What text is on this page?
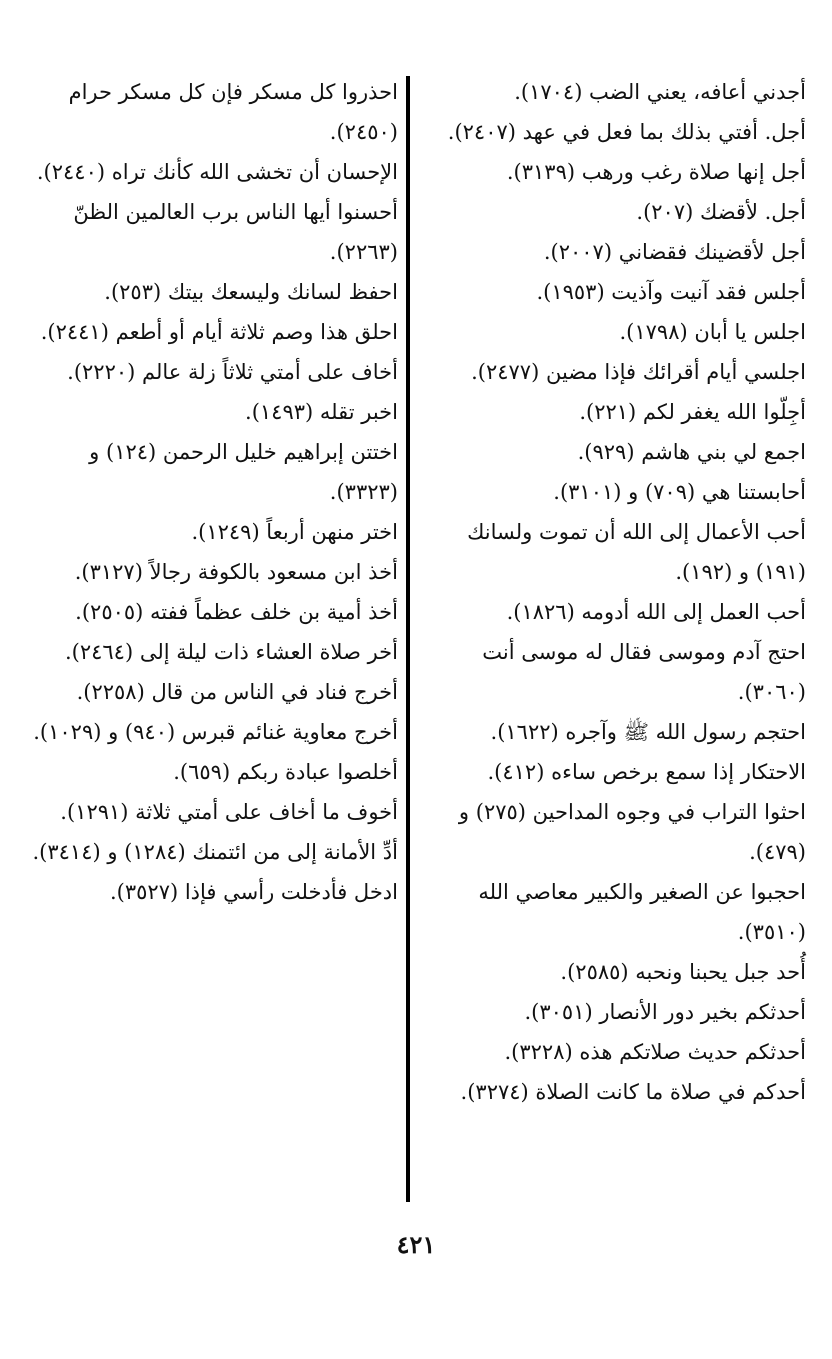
أجدني أعافه، يعني الضب (١٧٠٤).

أجل. أفتي بذلك بما فعل في عهد (٢٤٠٧).

أجل إنها صلاة رغب ورهب (٣١٣٩).

أجل. لأقضك (٢٠٧).

أجل لأقضينك فقضاني (٢٠٠٧).

أجلس فقد آنيت وآذيت (١٩٥٣).

اجلس يا أبان (١٧٩٨).

اجلسي أيام أقرائك فإذا مضين (٢٤٧٧).

أجِلّوا الله يغفر لكم (٢٢١).

اجمع لي بني هاشم (٩٢٩).

أحابستنا هي (٧٠٩) و (٣١٠١).

أحب الأعمال إلى الله أن تموت ولسانك (١٩١) و (١٩٢).

أحب العمل إلى الله أدومه (١٨٢٦).

احتج آدم وموسى فقال له موسى أنت (٣٠٦٠).

احتجم رسول الله ﷺ وآجره (١٦٢٢).

الاحتكار إذا سمع برخص ساءه (٤١٢).

احثوا التراب في وجوه المداحين (٢٧٥) و (٤٧٩).

احجبوا عن الصغير والكبير معاصي الله (٣٥١٠).

أُحد جبل يحبنا ونحبه (٢٥٨٥).

أحدثكم بخير دور الأنصار (٣٠٥١).

أحدثكم حديث صلاتكم هذه (٣٢٢٨).

أحدكم في صلاة ما كانت الصلاة (٣٢٧٤).

احذروا كل مسكر فإن كل مسكر حرام (٢٤٥٠).

الإحسان أن تخشى الله كأنك تراه (٢٤٤٠).

أحسنوا أيها الناس برب العالمين الظنّ (٢٢٦٣).

احفظ لسانك وليسعك بيتك (٢٥٣).

احلق هذا وصم ثلاثة أيام أو أطعم (٢٤٤١).

أخاف على أمتي ثلاثاً زلة عالم (٢٢٢٠).

اخبر تقله (١٤٩٣).

اختتن إبراهيم خليل الرحمن (١٢٤) و (٣٣٢٣).

اختر منهن أربعاً (١٢٤٩).

أخذ ابن مسعود بالكوفة رجالاً (٣١٢٧).

أخذ أمية بن خلف عظماً ففته (٢٥٠٥).

أخر صلاة العشاء ذات ليلة إلى (٢٤٦٤).

أخرج فناد في الناس من قال (٢٢٥٨).

أخرج معاوية غنائم قبرس (٩٤٠) و (١٠٢٩).

أخلصوا عبادة ربكم (٦٥٩).

أخوف ما أخاف على أمتي ثلاثة (١٢٩١).

أدِّ الأمانة إلى من ائتمنك (١٢٨٤) و (٣٤١٤).

ادخل فأدخلت رأسي فإذا (٣٥٢٧).

٤٢١
